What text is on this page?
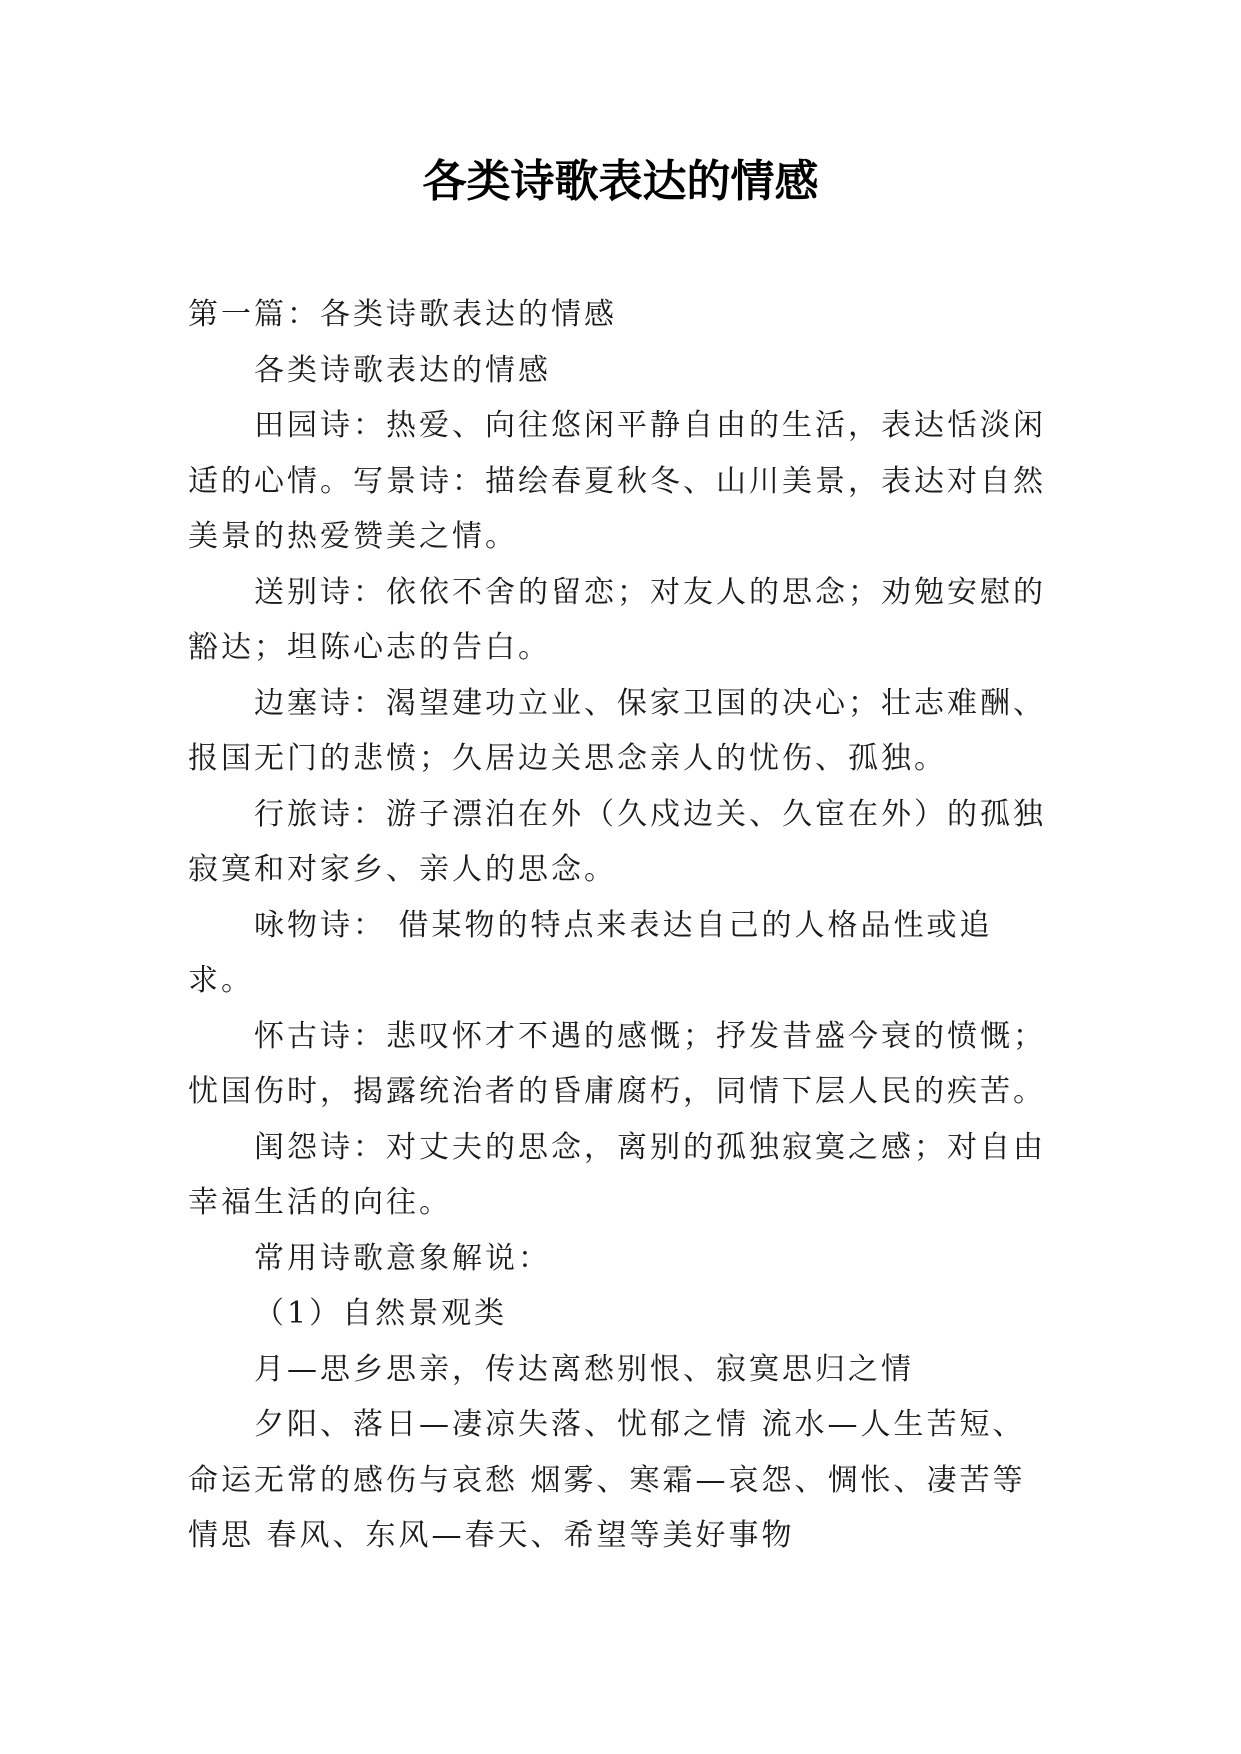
各类诗歌表达的情感

第一篇：各类诗歌表达的情感

各类诗歌表达的情感

田园诗：热爱、向往悠闲平静自由的生活，表达恬淡闲适的心情。写景诗：描绘春夏秋冬、山川美景，表达对自然美景的热爱赞美之情。

送别诗：依依不舍的留恋；对友人的思念；劝勉安慰的豁达；坦陈心志的告白。

边塞诗：渴望建功立业、保家卫国的决心；壮志难酬、报国无门的悲愤；久居边关思念亲人的忧伤、孤独。

行旅诗：游子漂泊在外（久戍边关、久宦在外）的孤独寂寞和对家乡、亲人的思念。

咏物诗： 借某物的特点来表达自己的人格品性或追求。

怀古诗：悲叹怀才不遇的感慨；抒发昔盛今衰的愤慨；忧国伤时，揭露统治者的昏庸腐朽，同情下层人民的疾苦。

闺怨诗：对丈夫的思念，离别的孤独寂寞之感；对自由幸福生活的向往。

常用诗歌意象解说：

（1）自然景观类

月—思乡思亲，传达离愁别恨、寂寞思归之情

夕阳、落日—凄凉失落、忧郁之情 流水—人生苦短、命运无常的感伤与哀愁 烟雾、寒霜—哀怨、惆怅、凄苦等情思 春风、东风—春天、希望等美好事物
